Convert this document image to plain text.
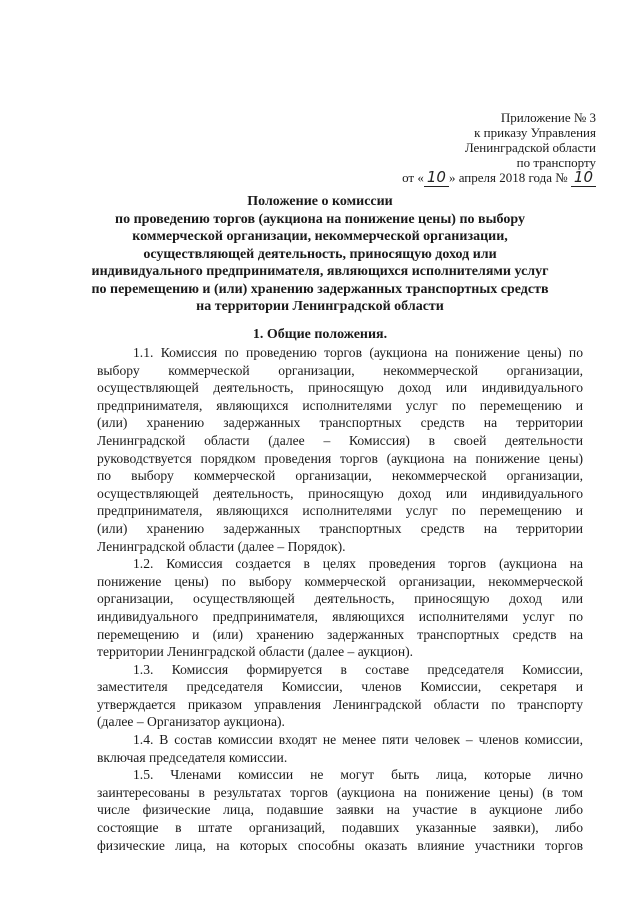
Приложение № 3
к приказу Управления
Ленинградской области
по транспорту
от « 10 » апреля 2018 года № 10
Положение о комиссии
по проведению торгов (аукциона на понижение цены) по выбору
коммерческой организации, некоммерческой организации,
осуществляющей деятельность, приносящую доход или
индивидуального предпринимателя, являющихся исполнителями услуг
по перемещению и (или) хранению задержанных транспортных средств
на территории Ленинградской области
1. Общие положения.
1.1. Комиссия по проведению торгов (аукциона на понижение цены) по
выбору коммерческой организации, некоммерческой организации,
осуществляющей деятельность, приносящую доход или индивидуального
предпринимателя, являющихся исполнителями услуг по перемещению и
(или) хранению задержанных транспортных средств на территории
Ленинградской области (далее – Комиссия) в своей деятельности
руководствуется порядком проведения торгов (аукциона на понижение цены)
по выбору коммерческой организации, некоммерческой организации,
осуществляющей деятельность, приносящую доход или индивидуального
предпринимателя, являющихся исполнителями услуг по перемещению и
(или) хранению задержанных транспортных средств на территории
Ленинградской области (далее – Порядок).
1.2. Комиссия создается в целях проведения торгов (аукциона на
понижение цены) по выбору коммерческой организации, некоммерческой
организации, осуществляющей деятельность, приносящую доход или
индивидуального предпринимателя, являющихся исполнителями услуг по
перемещению и (или) хранению задержанных транспортных средств на
территории Ленинградской области (далее – аукцион).
1.3. Комиссия формируется в составе председателя Комиссии,
заместителя председателя Комиссии, членов Комиссии, секретаря и
утверждается приказом управления Ленинградской области по транспорту
(далее – Организатор аукциона).
1.4. В состав комиссии входят не менее пяти человек – членов комиссии,
включая председателя комиссии.
1.5. Членами комиссии не могут быть лица, которые лично
заинтересованы в результатах торгов (аукциона на понижение цены) (в том
числе физические лица, подавшие заявки на участие в аукционе либо
состоящие в штате организаций, подавших указанные заявки), либо
физические лица, на которых способны оказать влияние участники торгов
